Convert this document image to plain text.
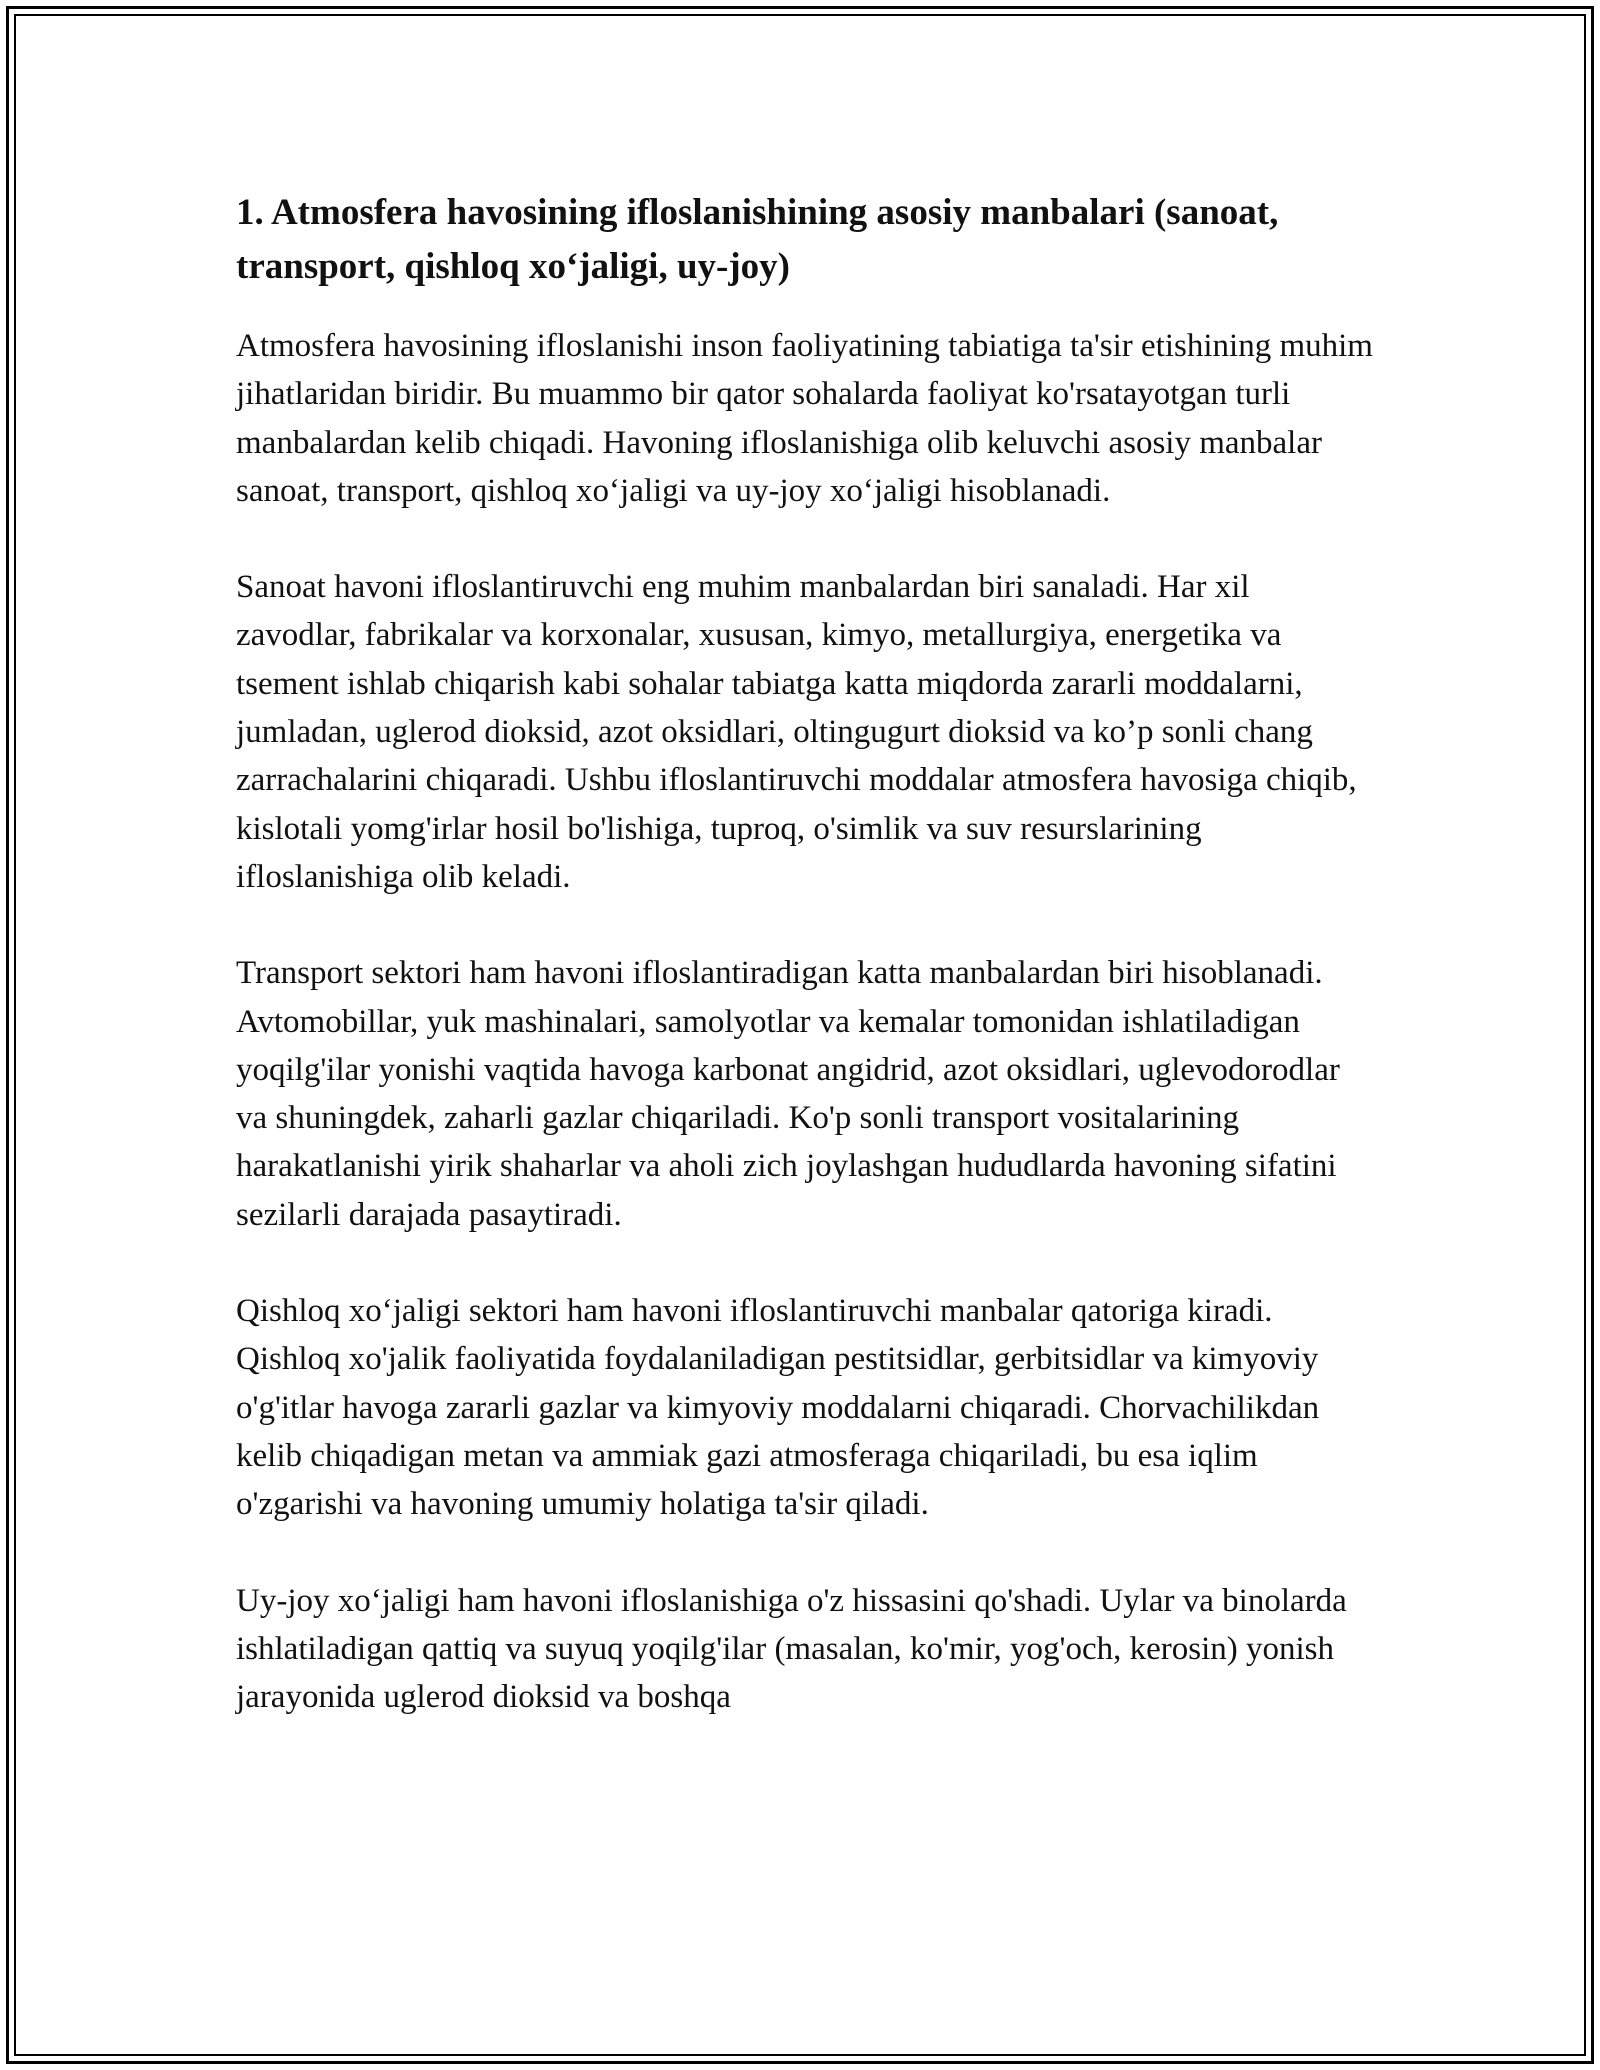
1. Atmosfera havosining ifloslanishining asosiy manbalari (sanoat, transport, qishloq xo‘jaligi, uy-joy)

Atmosfera havosining ifloslanishi inson faoliyatining tabiatiga ta'sir etishining muhim jihatlaridan biridir. Bu muammo bir qator sohalarda faoliyat ko'rsatayotgan turli manbalardan kelib chiqadi. Havoning ifloslanishiga olib keluvchi asosiy manbalar sanoat, transport, qishloq xo‘jaligi va uy-joy xo‘jaligi hisoblanadi.

Sanoat havoni ifloslantiruvchi eng muhim manbalardan biri sanaladi. Har xil zavodlar, fabrikalar va korxonalar, xususan, kimyo, metallurgiya, energetika va tsement ishlab chiqarish kabi sohalar tabiatga katta miqdorda zararli moddalarni, jumladan, uglerod dioksid, azot oksidlari, oltingugurt dioksid va ko’p sonli chang zarrachalarini chiqaradi. Ushbu ifloslantiruvchi moddalar atmosfera havosiga chiqib, kislotali yomg'irlar hosil bo'lishiga, tuproq, o'simlik va suv resurslarining ifloslanishiga olib keladi.

Transport sektori ham havoni ifloslantiradigan katta manbalardan biri hisoblanadi. Avtomobillar, yuk mashinalari, samolyotlar va kemalar tomonidan ishlatiladigan yoqilg'ilar yonishi vaqtida havoga karbonat angidrid, azot oksidlari, uglevodorodlar va shuningdek, zaharli gazlar chiqariladi. Ko'p sonli transport vositalarining harakatlanishi yirik shaharlar va aholi zich joylashgan hududlarda havoning sifatini sezilarli darajada pasaytiradi.

Qishloq xo‘jaligi sektori ham havoni ifloslantiruvchi manbalar qatoriga kiradi. Qishloq xo'jalik faoliyatida foydalaniladigan pestitsidlar, gerbitsidlar va kimyoviy o'g'itlar havoga zararli gazlar va kimyoviy moddalarni chiqaradi. Chorvachilikdan kelib chiqadigan metan va ammiak gazi atmosferaga chiqariladi, bu esa iqlim o'zgarishi va havoning umumiy holatiga ta'sir qiladi.

Uy-joy xo‘jaligi ham havoni ifloslanishiga o'z hissasini qo'shadi. Uylar va binolarda ishlatiladigan qattiq va suyuq yoqilg'ilar (masalan, ko'mir, yog'och, kerosin) yonish jarayonida uglerod dioksid va boshqa
